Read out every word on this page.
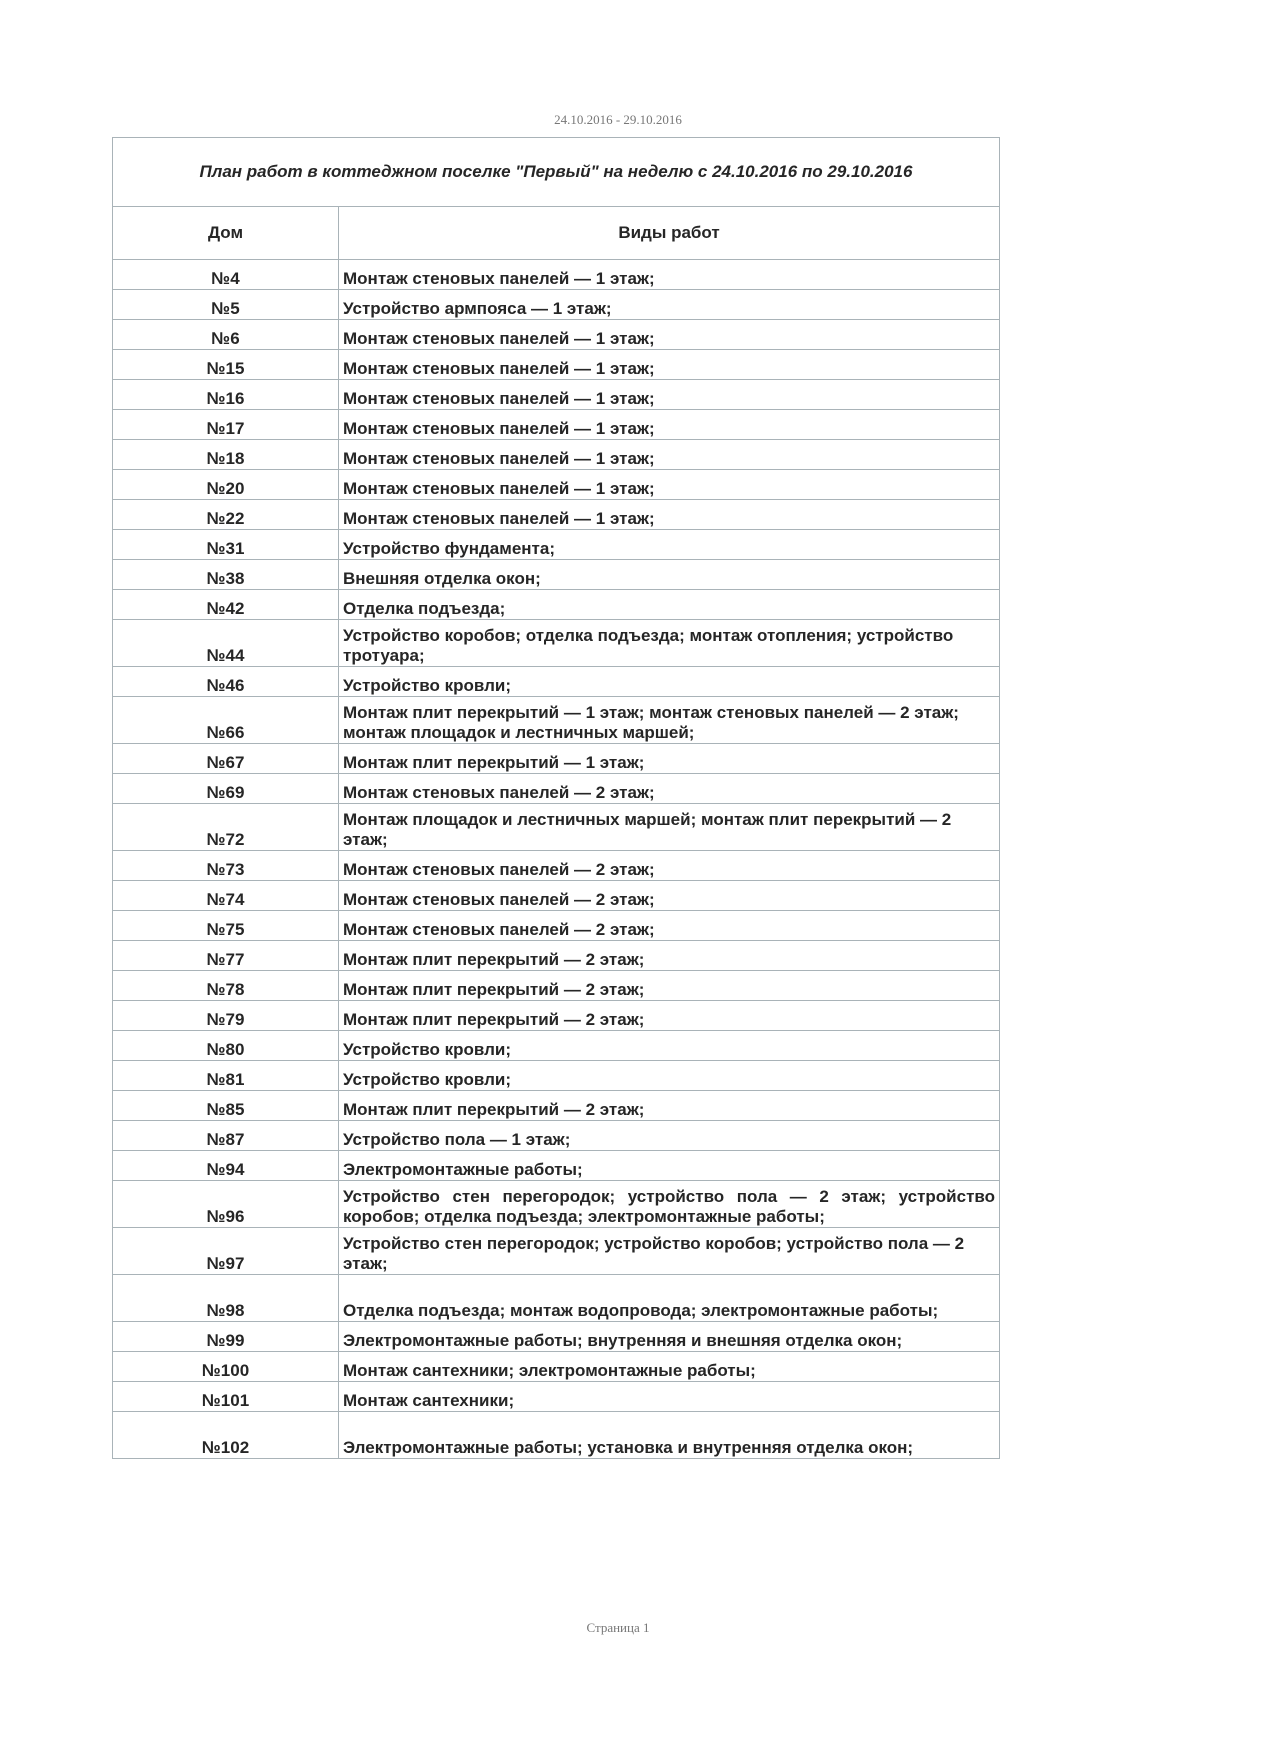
24.10.2016 - 29.10.2016
План работ в коттеджном поселке "Первый" на неделю с 24.10.2016 по 29.10.2016	
Дом	Виды работ
№4	Монтаж стеновых панелей — 1 этаж;
№5	Устройство армпояса — 1 этаж;
№6	Монтаж стеновых панелей — 1 этаж;
№15	Монтаж стеновых панелей — 1 этаж;
№16	Монтаж стеновых панелей — 1 этаж;
№17	Монтаж стеновых панелей — 1 этаж;
№18	Монтаж стеновых панелей — 1 этаж;
№20	Монтаж стеновых панелей — 1 этаж;
№22	Монтаж стеновых панелей — 1 этаж;
№31	Устройство фундамента;
№38	Внешняя отделка окон;
№42	Отделка подъезда;
№44	Устройство коробов; отделка подъезда; монтаж отопления; устройство тротуара;
№46	Устройство кровли;
№66	Монтаж плит перекрытий — 1 этаж; монтаж стеновых панелей — 2 этаж; монтаж площадок и лестничных маршей;
№67	Монтаж плит перекрытий — 1 этаж;
№69	Монтаж стеновых панелей — 2 этаж;
№72	Монтаж площадок и лестничных маршей; монтаж плит перекрытий — 2 этаж;
№73	Монтаж стеновых панелей — 2 этаж;
№74	Монтаж стеновых панелей — 2 этаж;
№75	Монтаж стеновых панелей — 2 этаж;
№77	Монтаж плит перекрытий — 2 этаж;
№78	Монтаж плит перекрытий — 2 этаж;
№79	Монтаж плит перекрытий — 2 этаж;
№80	Устройство кровли;
№81	Устройство кровли;
№85	Монтаж плит перекрытий — 2 этаж;
№87	Устройство пола — 1 этаж;
№94	Электромонтажные работы;
№96	Устройство стен перегородок; устройство пола — 2 этаж; устройство коробов; отделка подъезда; электромонтажные работы;
№97	Устройство стен перегородок; устройство коробов; устройство пола — 2 этаж;
№98	Отделка подъезда; монтаж водопровода; электромонтажные работы;
№99	Электромонтажные работы; внутренняя и внешняя отделка окон;
№100	Монтаж сантехники; электромонтажные работы;
№101	Монтаж сантехники;
№102	Электромонтажные работы; установка и внутренняя отделка окон;
Страница 1
